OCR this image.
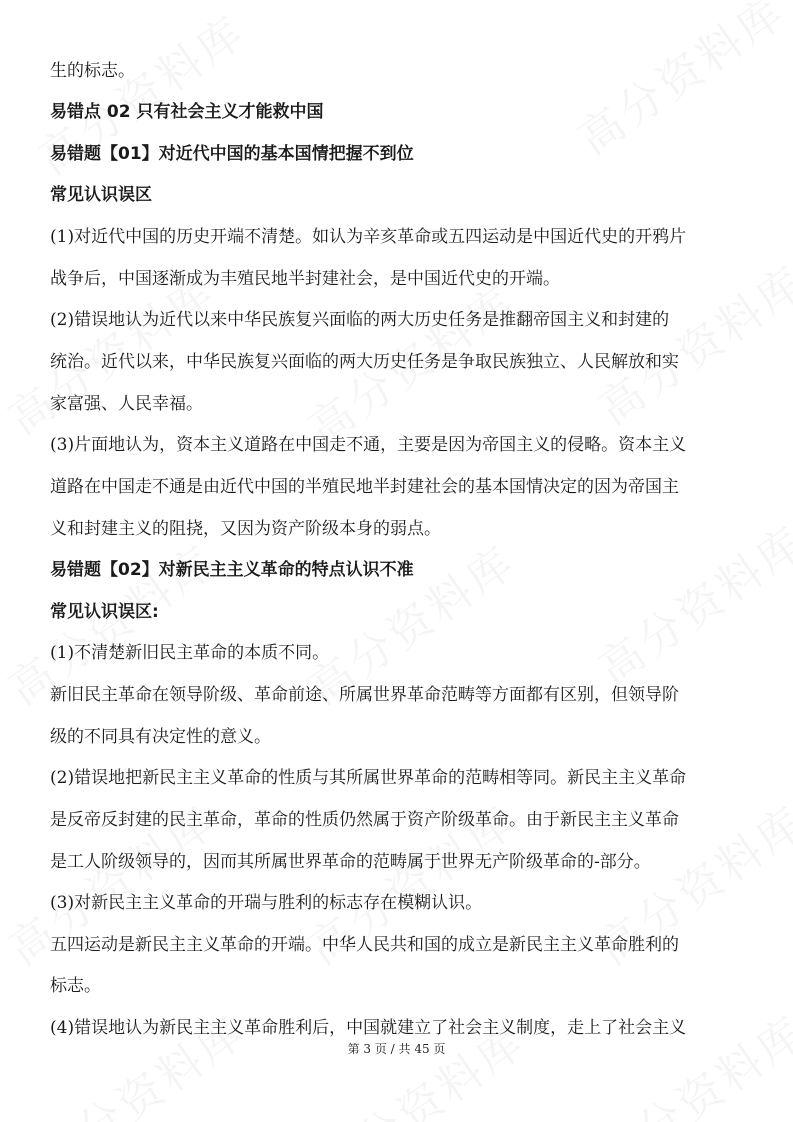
生的标志。
易错点 02 只有社会主义才能救中国
易错题【01】对近代中国的基本国情把握不到位
常见认识误区
(1)对近代中国的历史开端不清楚。如认为辛亥革命或五四运动是中国近代史的开鸦片
战争后，中国逐渐成为丰殖民地半封建社会，是中国近代史的开端。
(2)错误地认为近代以来中华民族复兴面临的两大历史任务是推翻帝国主义和封建的
统治。近代以来，中华民族复兴面临的两大历史任务是争取民族独立、人民解放和实
家富强、人民幸福。
(3)片面地认为，资本主义道路在中国走不通，主要是因为帝国主义的侵略。资本主义
道路在中国走不通是由近代中国的半殖民地半封建社会的基本国情决定的因为帝国主
义和封建主义的阻挠，又因为资产阶级本身的弱点。
易错题【02】对新民主主义革命的特点认识不准
常见认识误区:
(1)不清楚新旧民主革命的本质不同。
新旧民主革命在领导阶级、革命前途、所属世界革命范畴等方面都有区别，但领导阶
级的不同具有决定性的意义。
(2)错误地把新民主主义革命的性质与其所属世界革命的范畴相等同。新民主主义革命
是反帝反封建的民主革命，革命的性质仍然属于资产阶级革命。由于新民主主义革命
是工人阶级领导的，因而其所属世界革命的范畴属于世界无产阶级革命的-部分。
(3)对新民主主义革命的开瑞与胜利的标志存在模糊认识。
五四运动是新民主主义革命的开端。中华人民共和国的成立是新民主主义革命胜利的
标志。
(4)错误地认为新民主主义革命胜利后，中国就建立了社会主义制度，走上了社会主义
第 3 页 / 共 45 页
